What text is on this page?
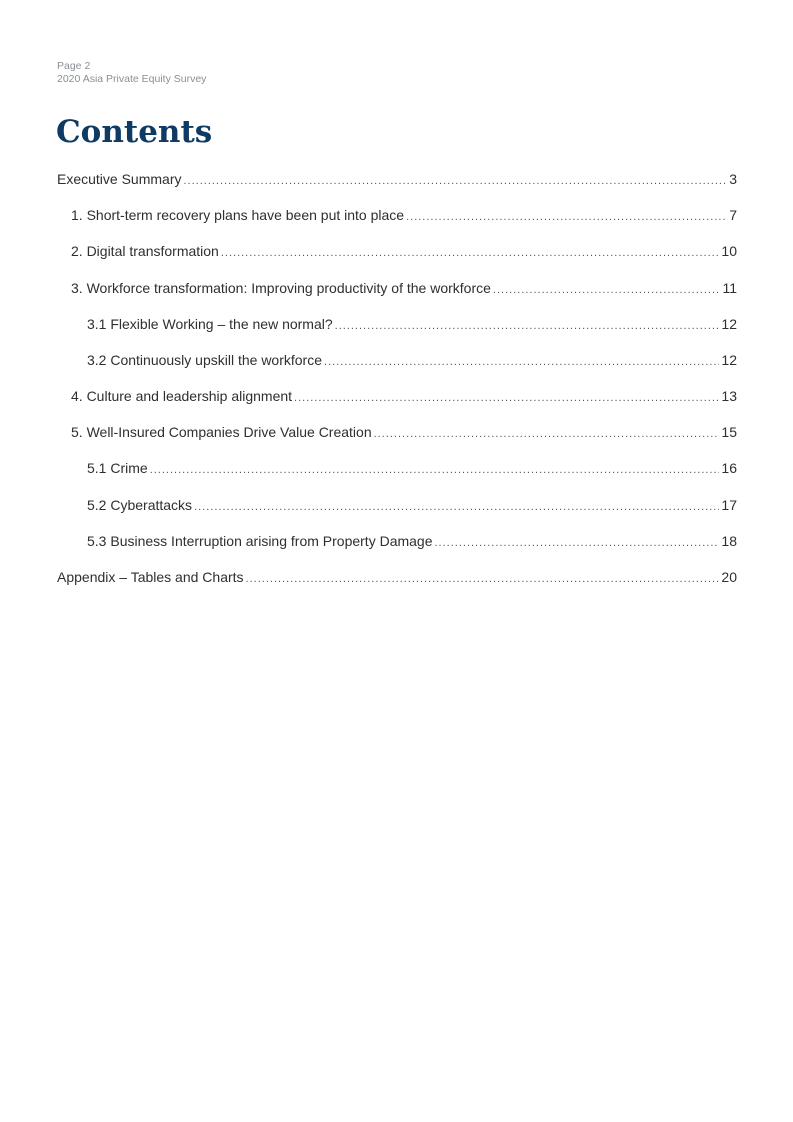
Page 2
2020 Asia Private Equity Survey
Contents
Executive Summary .....	3
1. Short-term recovery plans have been put into place .....	7
2. Digital transformation .....	10
3. Workforce transformation: Improving productivity of the workforce .....	11
3.1 Flexible Working – the new normal? .....	12
3.2 Continuously upskill the workforce .....	12
4. Culture and leadership alignment .....	13
5. Well-Insured Companies Drive Value Creation .....	15
5.1 Crime .....	16
5.2 Cyberattacks .....	17
5.3 Business Interruption arising from Property Damage .....	18
Appendix – Tables and Charts .....	20
